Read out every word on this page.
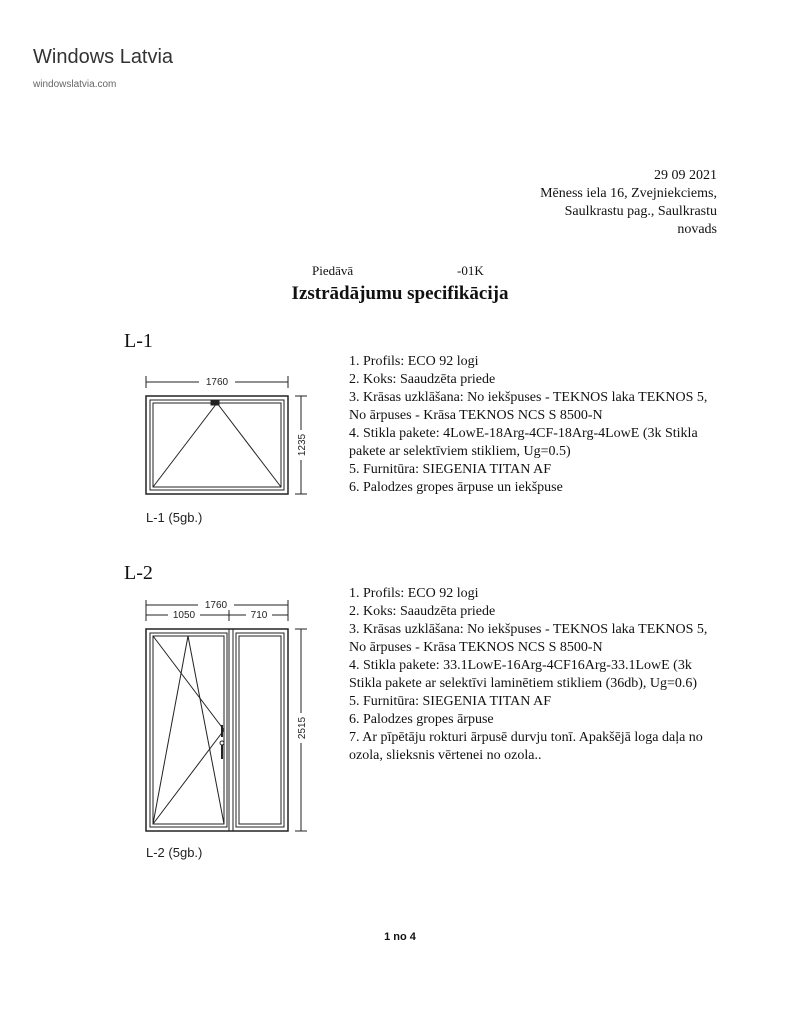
Windows Latvia
windowslatvia.com
29 09 2021
Mēness iela 16, Zvejniekciems,
Saulkrastu pag., Saulkrastu
novads
Piedāvā	-01K
Izstrādājumu specifikācija
L-1
1760
1235
L-1 (5gb.)
1. Profils: ECO 92 logi
2. Koks: Saaudzēta priede
3. Krāsas uzklāšana: No iekšpuses - TEKNOS laka TEKNOS 5,
No ārpuses - Krāsa TEKNOS NCS S 8500-N
4. Stikla pakete: 4LowE-18Arg-4CF-18Arg-4LowE (3k Stikla
pakete ar selektīviem stikliem, Ug=0.5)
5. Furnitūra: SIEGENIA TITAN AF
6. Palodzes gropes ārpuse un iekšpuse
L-2
1760
1050	710
2515
L-2 (5gb.)
1. Profils: ECO 92 logi
2. Koks: Saaudzēta priede
3. Krāsas uzklāšana: No iekšpuses - TEKNOS laka TEKNOS 5,
No ārpuses - Krāsa TEKNOS NCS S 8500-N
4. Stikla pakete: 33.1LowE-16Arg-4CF16Arg-33.1LowE (3k
Stikla pakete ar selektīvi laminētiem stikliem (36db), Ug=0.6)
5. Furnitūra: SIEGENIA TITAN AF
6. Palodzes gropes ārpuse
7. Ar pīpētāju rokturi ārpusē durvju tonī. Apakšējā loga daļa no
ozola, slieksnis vērtenei no ozola..
1 no 4
